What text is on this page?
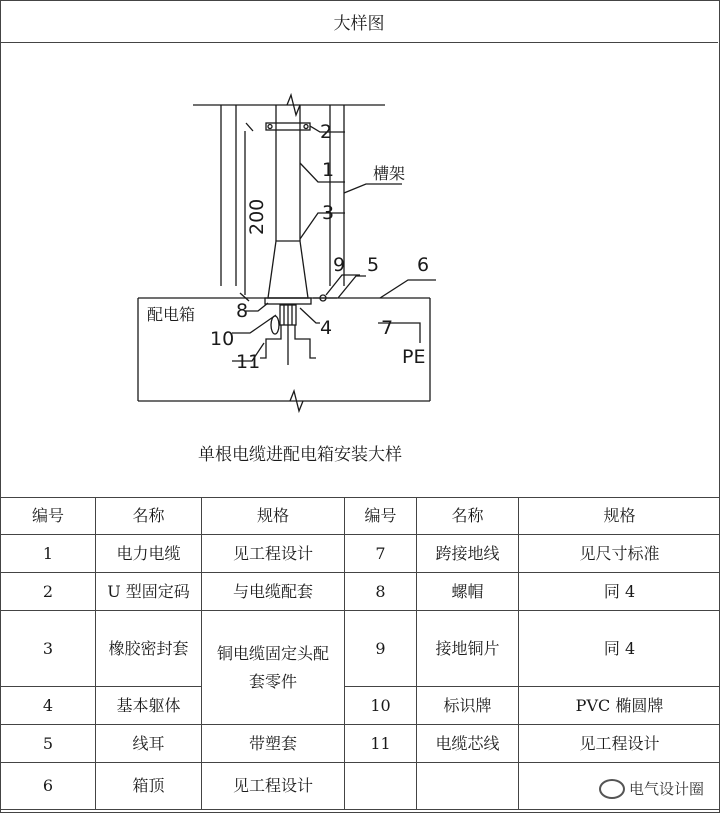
大样图
2
1
3
9 5 6
7
4
8
10
11	PE
200
槽架
配电箱
单根电缆进配电箱安装大样
编号	名称	规格	编号	名称	规格
1	电力电缆	见工程设计	7	跨接地线	见尺寸标准
2	U 型固定码	与电缆配套	8	螺帽	同 4
3	橡胶密封套	铜电缆固定头配套零件	9	接地铜片	同 4
4	基本躯体		10	标识牌	PVC 椭圆牌
5	线耳	带塑套	11	电缆芯线	见工程设计
6	箱顶	见工程设计				电气设计圈
